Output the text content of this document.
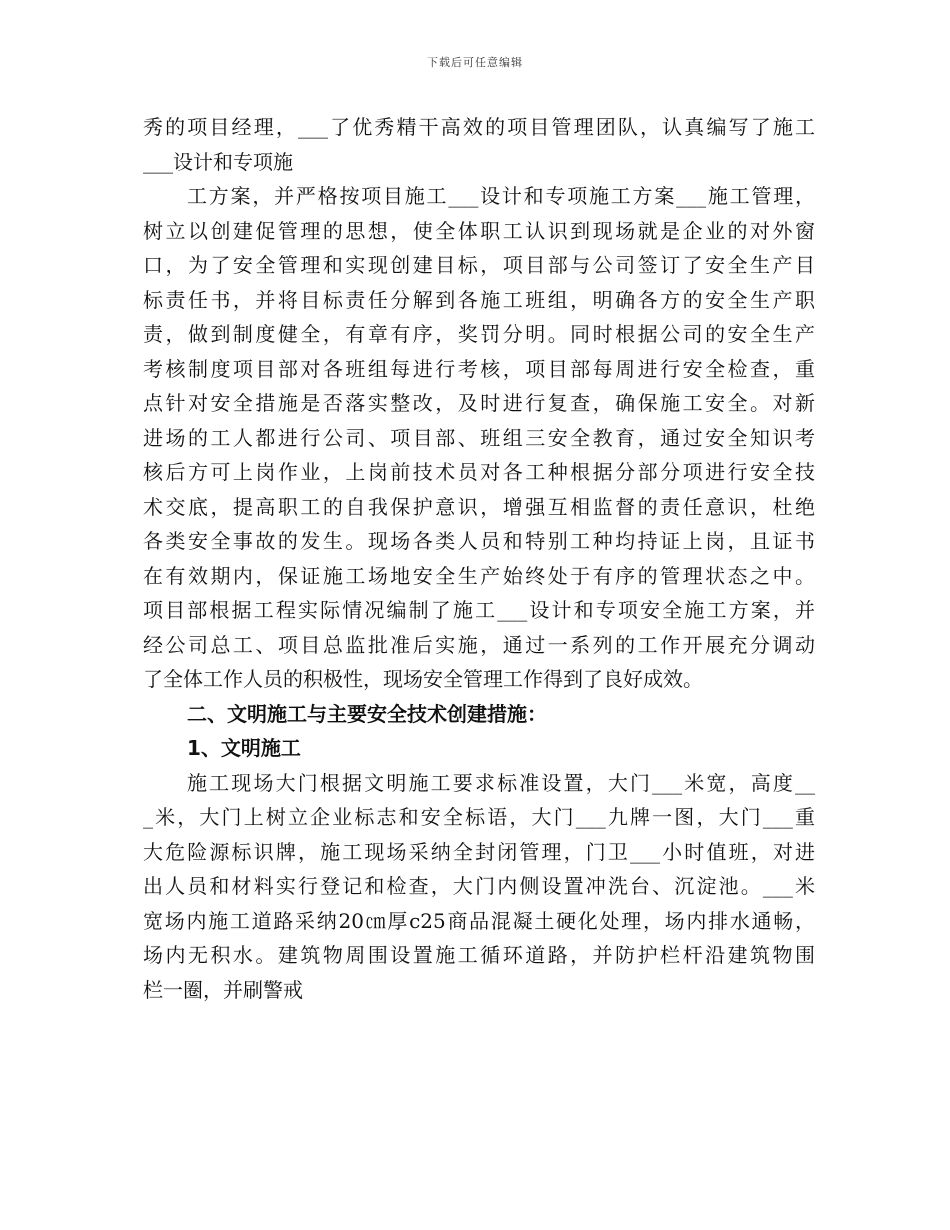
下载后可任意编辑
秀的项目经理，___了优秀精干高效的项目管理团队，认真编写了施工
___设计和专项施
工方案，并严格按项目施工___设计和专项施工方案___施工管理，
树立以创建促管理的思想，使全体职工认识到现场就是企业的对外窗
口，为了安全管理和实现创建目标，项目部与公司签订了安全生产目
标责任书，并将目标责任分解到各施工班组，明确各方的安全生产职
责，做到制度健全，有章有序，奖罚分明。同时根据公司的安全生产
考核制度项目部对各班组每进行考核，项目部每周进行安全检查，重
点针对安全措施是否落实整改，及时进行复查，确保施工安全。对新
进场的工人都进行公司、项目部、班组三安全教育，通过安全知识考
核后方可上岗作业，上岗前技术员对各工种根据分部分项进行安全技
术交底，提高职工的自我保护意识，增强互相监督的责任意识，杜绝
各类安全事故的发生。现场各类人员和特别工种均持证上岗，且证书
在有效期内，保证施工场地安全生产始终处于有序的管理状态之中。
项目部根据工程实际情况编制了施工___设计和专项安全施工方案，并
经公司总工、项目总监批准后实施，通过一系列的工作开展充分调动
了全体工作人员的积极性，现场安全管理工作得到了良好成效。
二、文明施工与主要安全技术创建措施：
1、文明施工
施工现场大门根据文明施工要求标准设置，大门___米宽，高度__
_米，大门上树立企业标志和安全标语，大门___九牌一图，大门___重
大危险源标识牌，施工现场采纳全封闭管理，门卫___小时值班，对进
出人员和材料实行登记和检查，大门内侧设置冲洗台、沉淀池。___米
宽场内施工道路采纳20㎝厚c25商品混凝土硬化处理，场内排水通畅，
场内无积水。建筑物周围设置施工循环道路，并防护栏杆沿建筑物围
栏一圈，并刷警戒
